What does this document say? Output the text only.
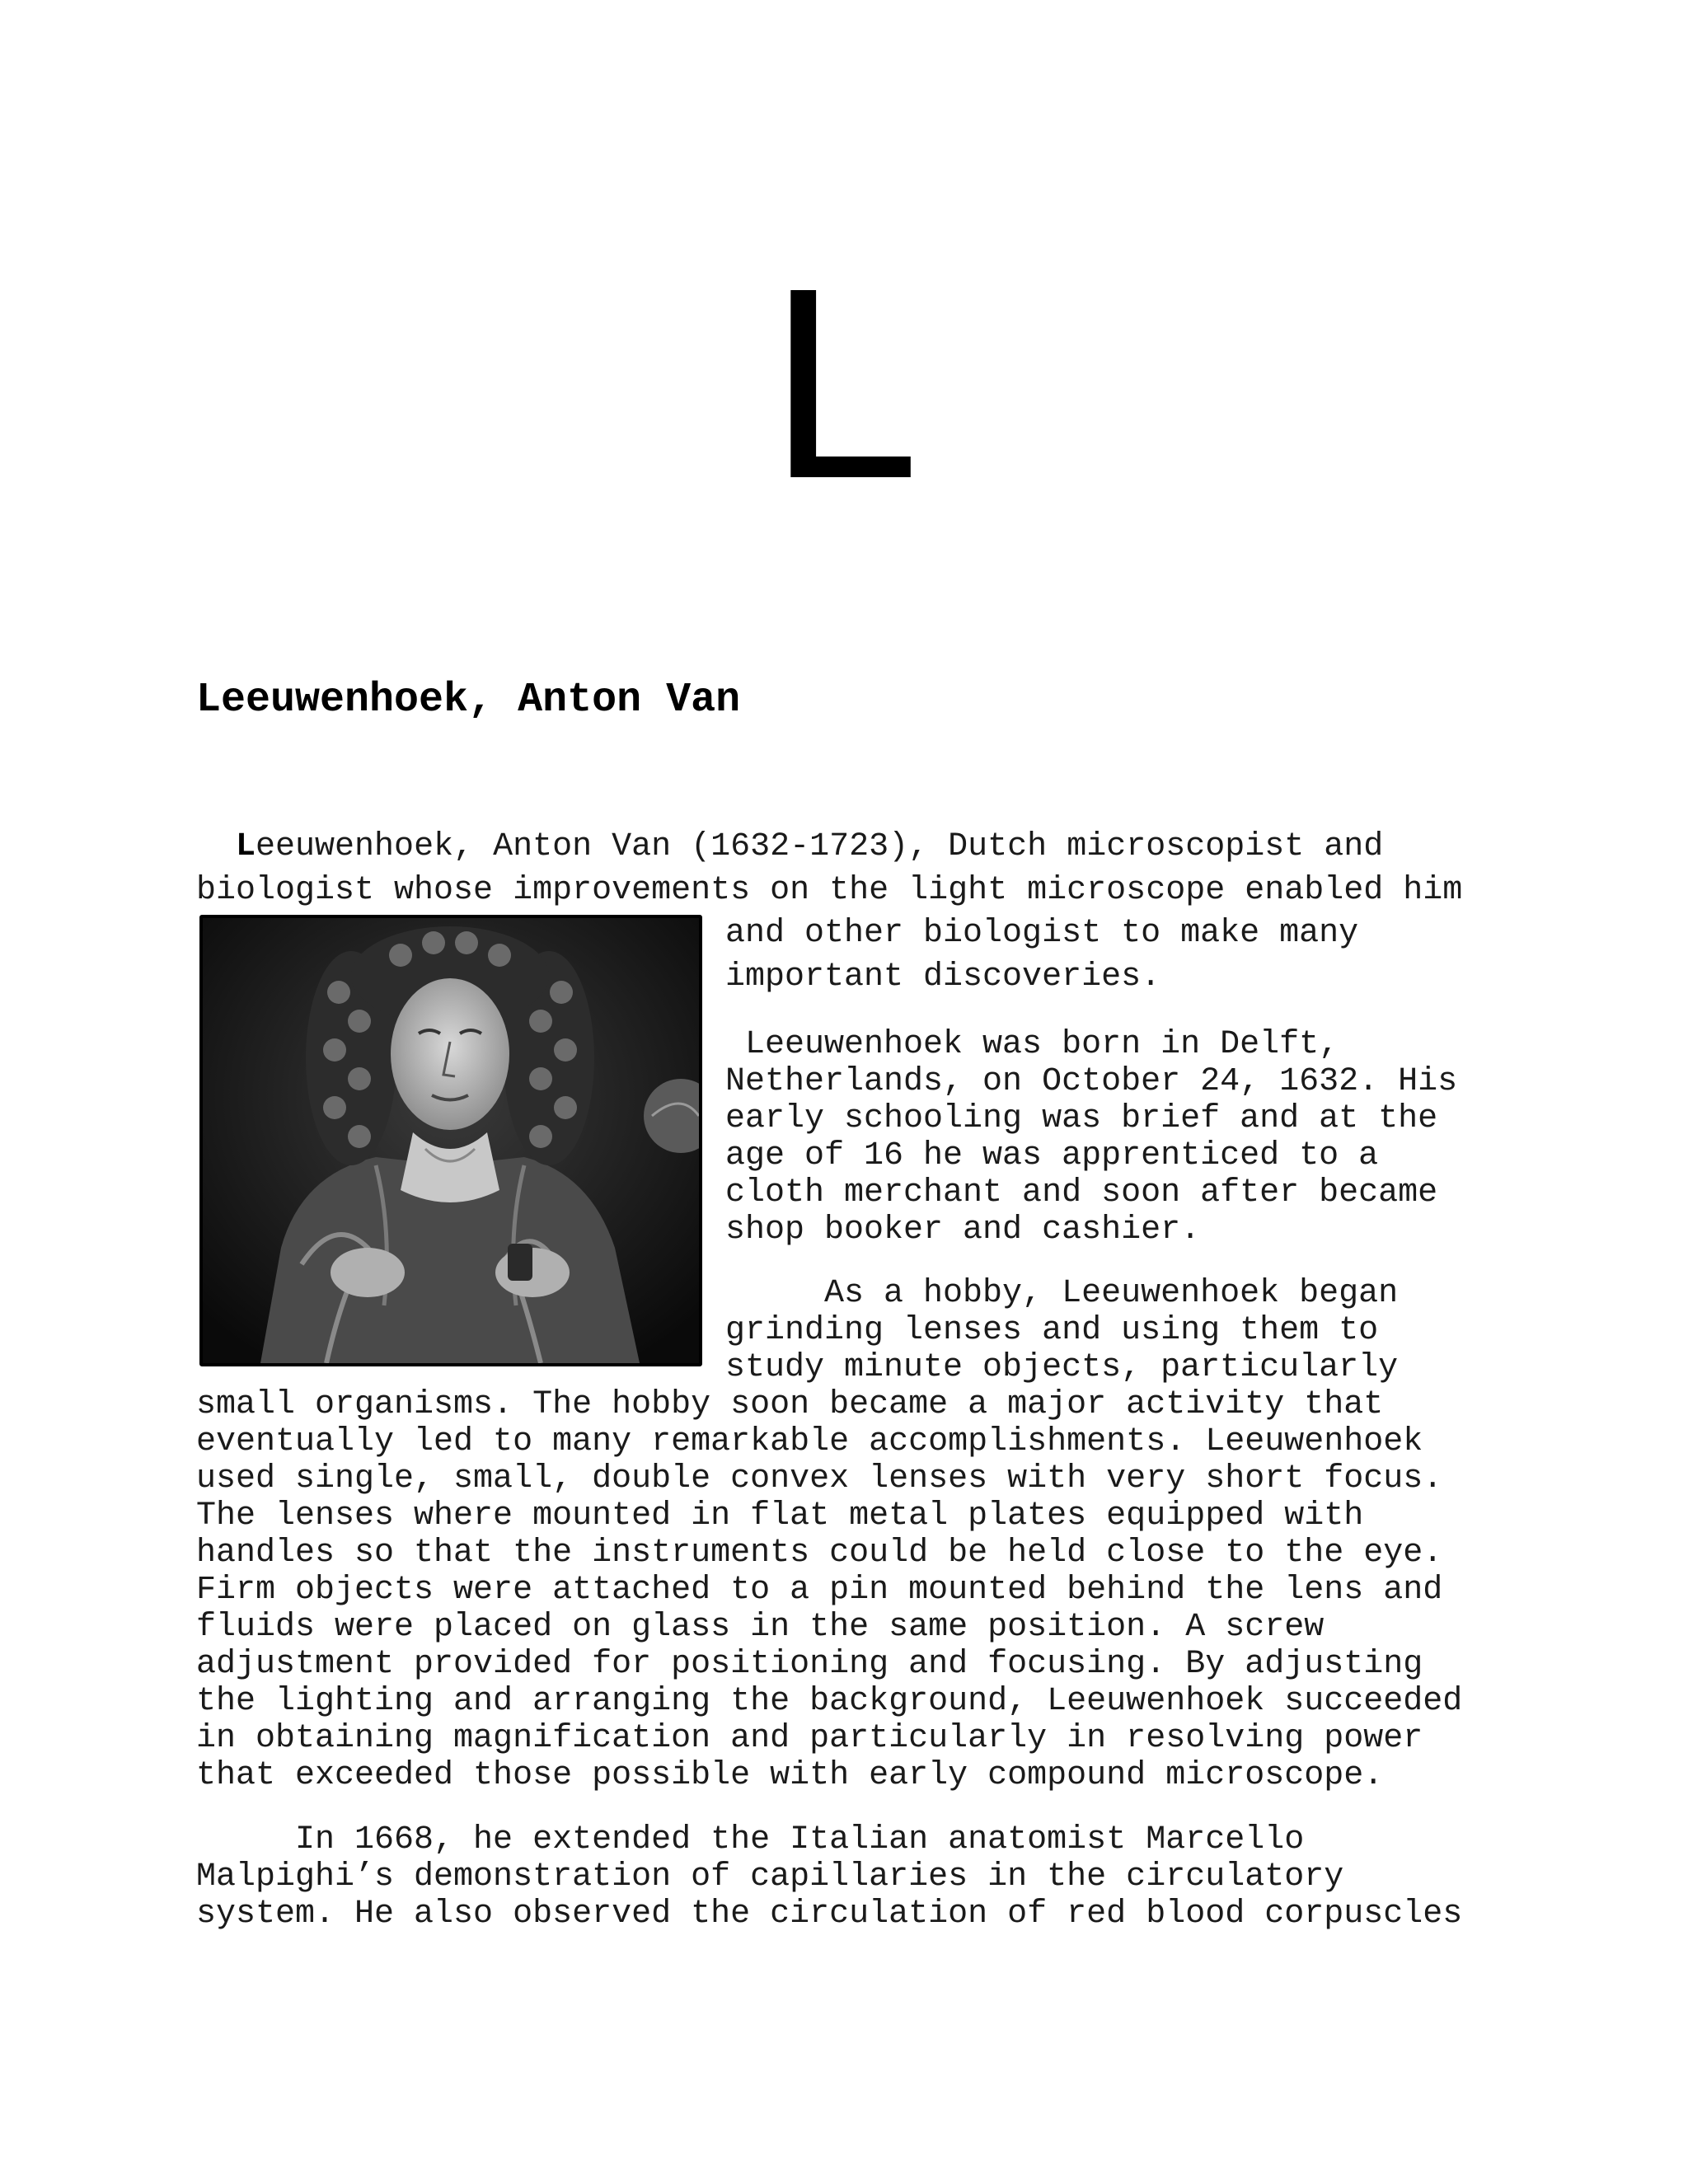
L
Leeuwenhoek, Anton Van
Leeuwenhoek, Anton Van (1632-1723), Dutch microscopist and
biologist whose improvements on the light microscope enabled him
and other biologist to make many
important discoveries.
Leeuwenhoek was born in Delft,
Netherlands, on October 24, 1632. His
early schooling was brief and at the
age of 16 he was apprenticed to a
cloth merchant and soon after became
shop booker and cashier.
As a hobby, Leeuwenhoek began
grinding lenses and using them to
study minute objects, particularly
small organisms. The hobby soon became a major activity that
eventually led to many remarkable accomplishments. Leeuwenhoek
used single, small, double convex lenses with very short focus.
The lenses where mounted in flat metal plates equipped with
handles so that the instruments could be held close to the eye.
Firm objects were attached to a pin mounted behind the lens and
fluids were placed on glass in the same position. A screw
adjustment provided for positioning and focusing. By adjusting
the lighting and arranging the background, Leeuwenhoek succeeded
in obtaining magnification and particularly in resolving power
that exceeded those possible with early compound microscope.
In 1668, he extended the Italian anatomist Marcello
Malpighi’s demonstration of capillaries in the circulatory
system. He also observed the circulation of red blood corpuscles
